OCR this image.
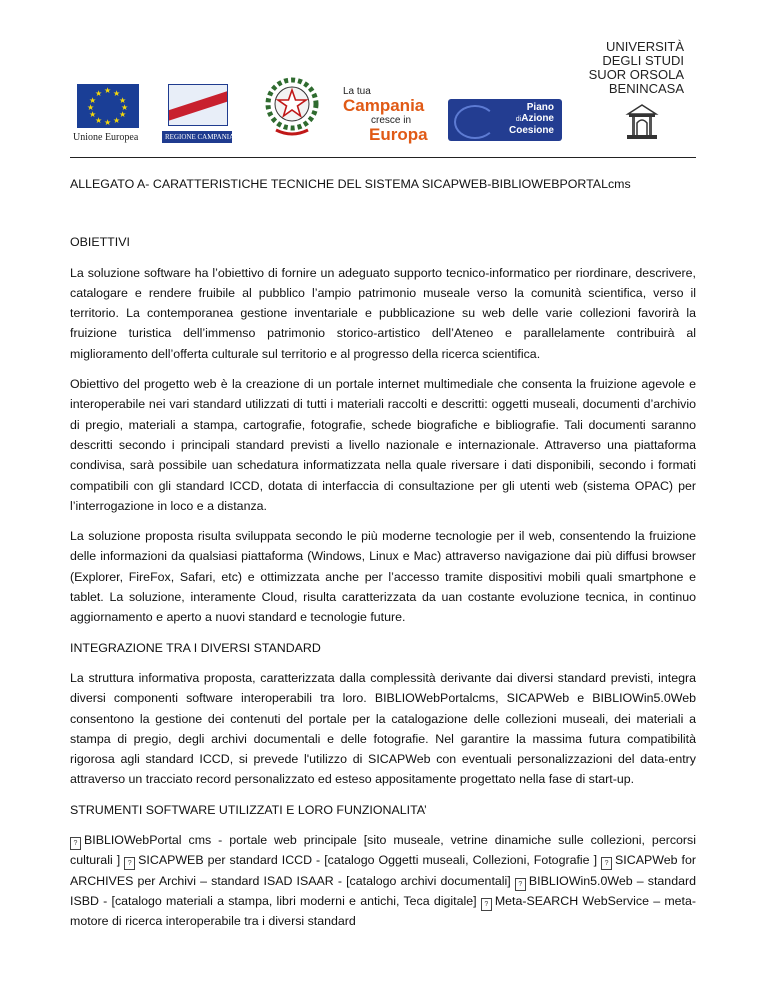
★ ★
★
★
★
★
★
★
★
★
★
★
Unione Europea	REGIONE CAMPANIA
La tua
Campania
cresce in
Europa
Piano
diAzione
Coesione
UNIVERSITÀ
DEGLI STUDI
SUOR ORSOLA
BENINCASA

ALLEGATO A- CARATTERISTICHE TECNICHE DEL SISTEMA SICAPWEB-BIBLIOWEBPORTALcms

OBIETTIVI

La soluzione software ha l’obiettivo di fornire un adeguato supporto tecnico-informatico per riordinare, descrivere, catalogare e rendere fruibile al pubblico l’ampio patrimonio museale verso la comunità scientifica, verso il territorio. La contemporanea gestione inventariale e pubblicazione su web delle varie collezioni favorirà la fruizione turistica dell’immenso patrimonio storico-artistico dell’Ateneo e parallelamente contribuirà al miglioramento dell’offerta culturale sul territorio e al progresso della ricerca scientifica.

Obiettivo del progetto web è la creazione di un portale internet multimediale che consenta la fruizione agevole e interoperabile nei vari standard utilizzati di tutti i materiali raccolti e descritti: oggetti museali, documenti d’archivio di pregio, materiali a stampa, cartografie, fotografie, schede biografiche e bibliografie. Tali documenti saranno descritti secondo i principali standard previsti a livello nazionale e internazionale. Attraverso una piattaforma condivisa, sarà possibile uan schedatura informatizzata nella quale riversare i dati disponibili, secondo i formati compatibili con gli standard ICCD, dotata di interfaccia di consultazione per gli utenti web (sistema OPAC) per l’interrogazione in loco e a distanza.

La soluzione proposta risulta sviluppata secondo le più moderne tecnologie per il web, consentendo la fruizione delle informazioni da qualsiasi piattaforma (Windows, Linux e Mac) attraverso navigazione dai più diffusi browser (Explorer, FireFox, Safari, etc) e ottimizzata anche per l’accesso tramite dispositivi mobili quali smartphone e tablet. La soluzione, interamente Cloud, risulta caratterizzata da uan costante evoluzione tecnica, in continuo aggiornamento e aperto a nuovi standard e tecnologie future.

INTEGRAZIONE TRA I DIVERSI STANDARD

La struttura informativa proposta, caratterizzata dalla complessità derivante dai diversi standard previsti, integra diversi componenti software interoperabili tra loro. BIBLIOWebPortalcms, SICAPWeb e BIBLIOWin5.0Web consentono la gestione dei contenuti del portale per la catalogazione delle collezioni museali, dei materiali a stampa di pregio, degli archivi documentali e delle fotografie. Nel garantire la massima futura compatibilità rigorosa agli standard ICCD, si prevede l'utilizzo di SICAPWeb con eventuali personalizzazioni del data-entry attraverso un tracciato record personalizzato ed esteso appositamente progettato nella fase di start-up.

STRUMENTI SOFTWARE UTILIZZATI E LORO FUNZIONALITA’

? BIBLIOWebPortal cms - portale web principale [sito museale, vetrine dinamiche sulle collezioni, percorsi culturali ] ? SICAPWEB per standard ICCD - [catalogo Oggetti museali, Collezioni, Fotografie ] ? SICAPWeb for ARCHIVES per Archivi – standard ISAD ISAAR - [catalogo archivi documentali] ? BIBLIOWin5.0Web – standard ISBD - [catalogo materiali a stampa, libri moderni e antichi, Teca digitale] ? Meta-SEARCH WebService – meta-motore di ricerca interoperabile tra i diversi standard
